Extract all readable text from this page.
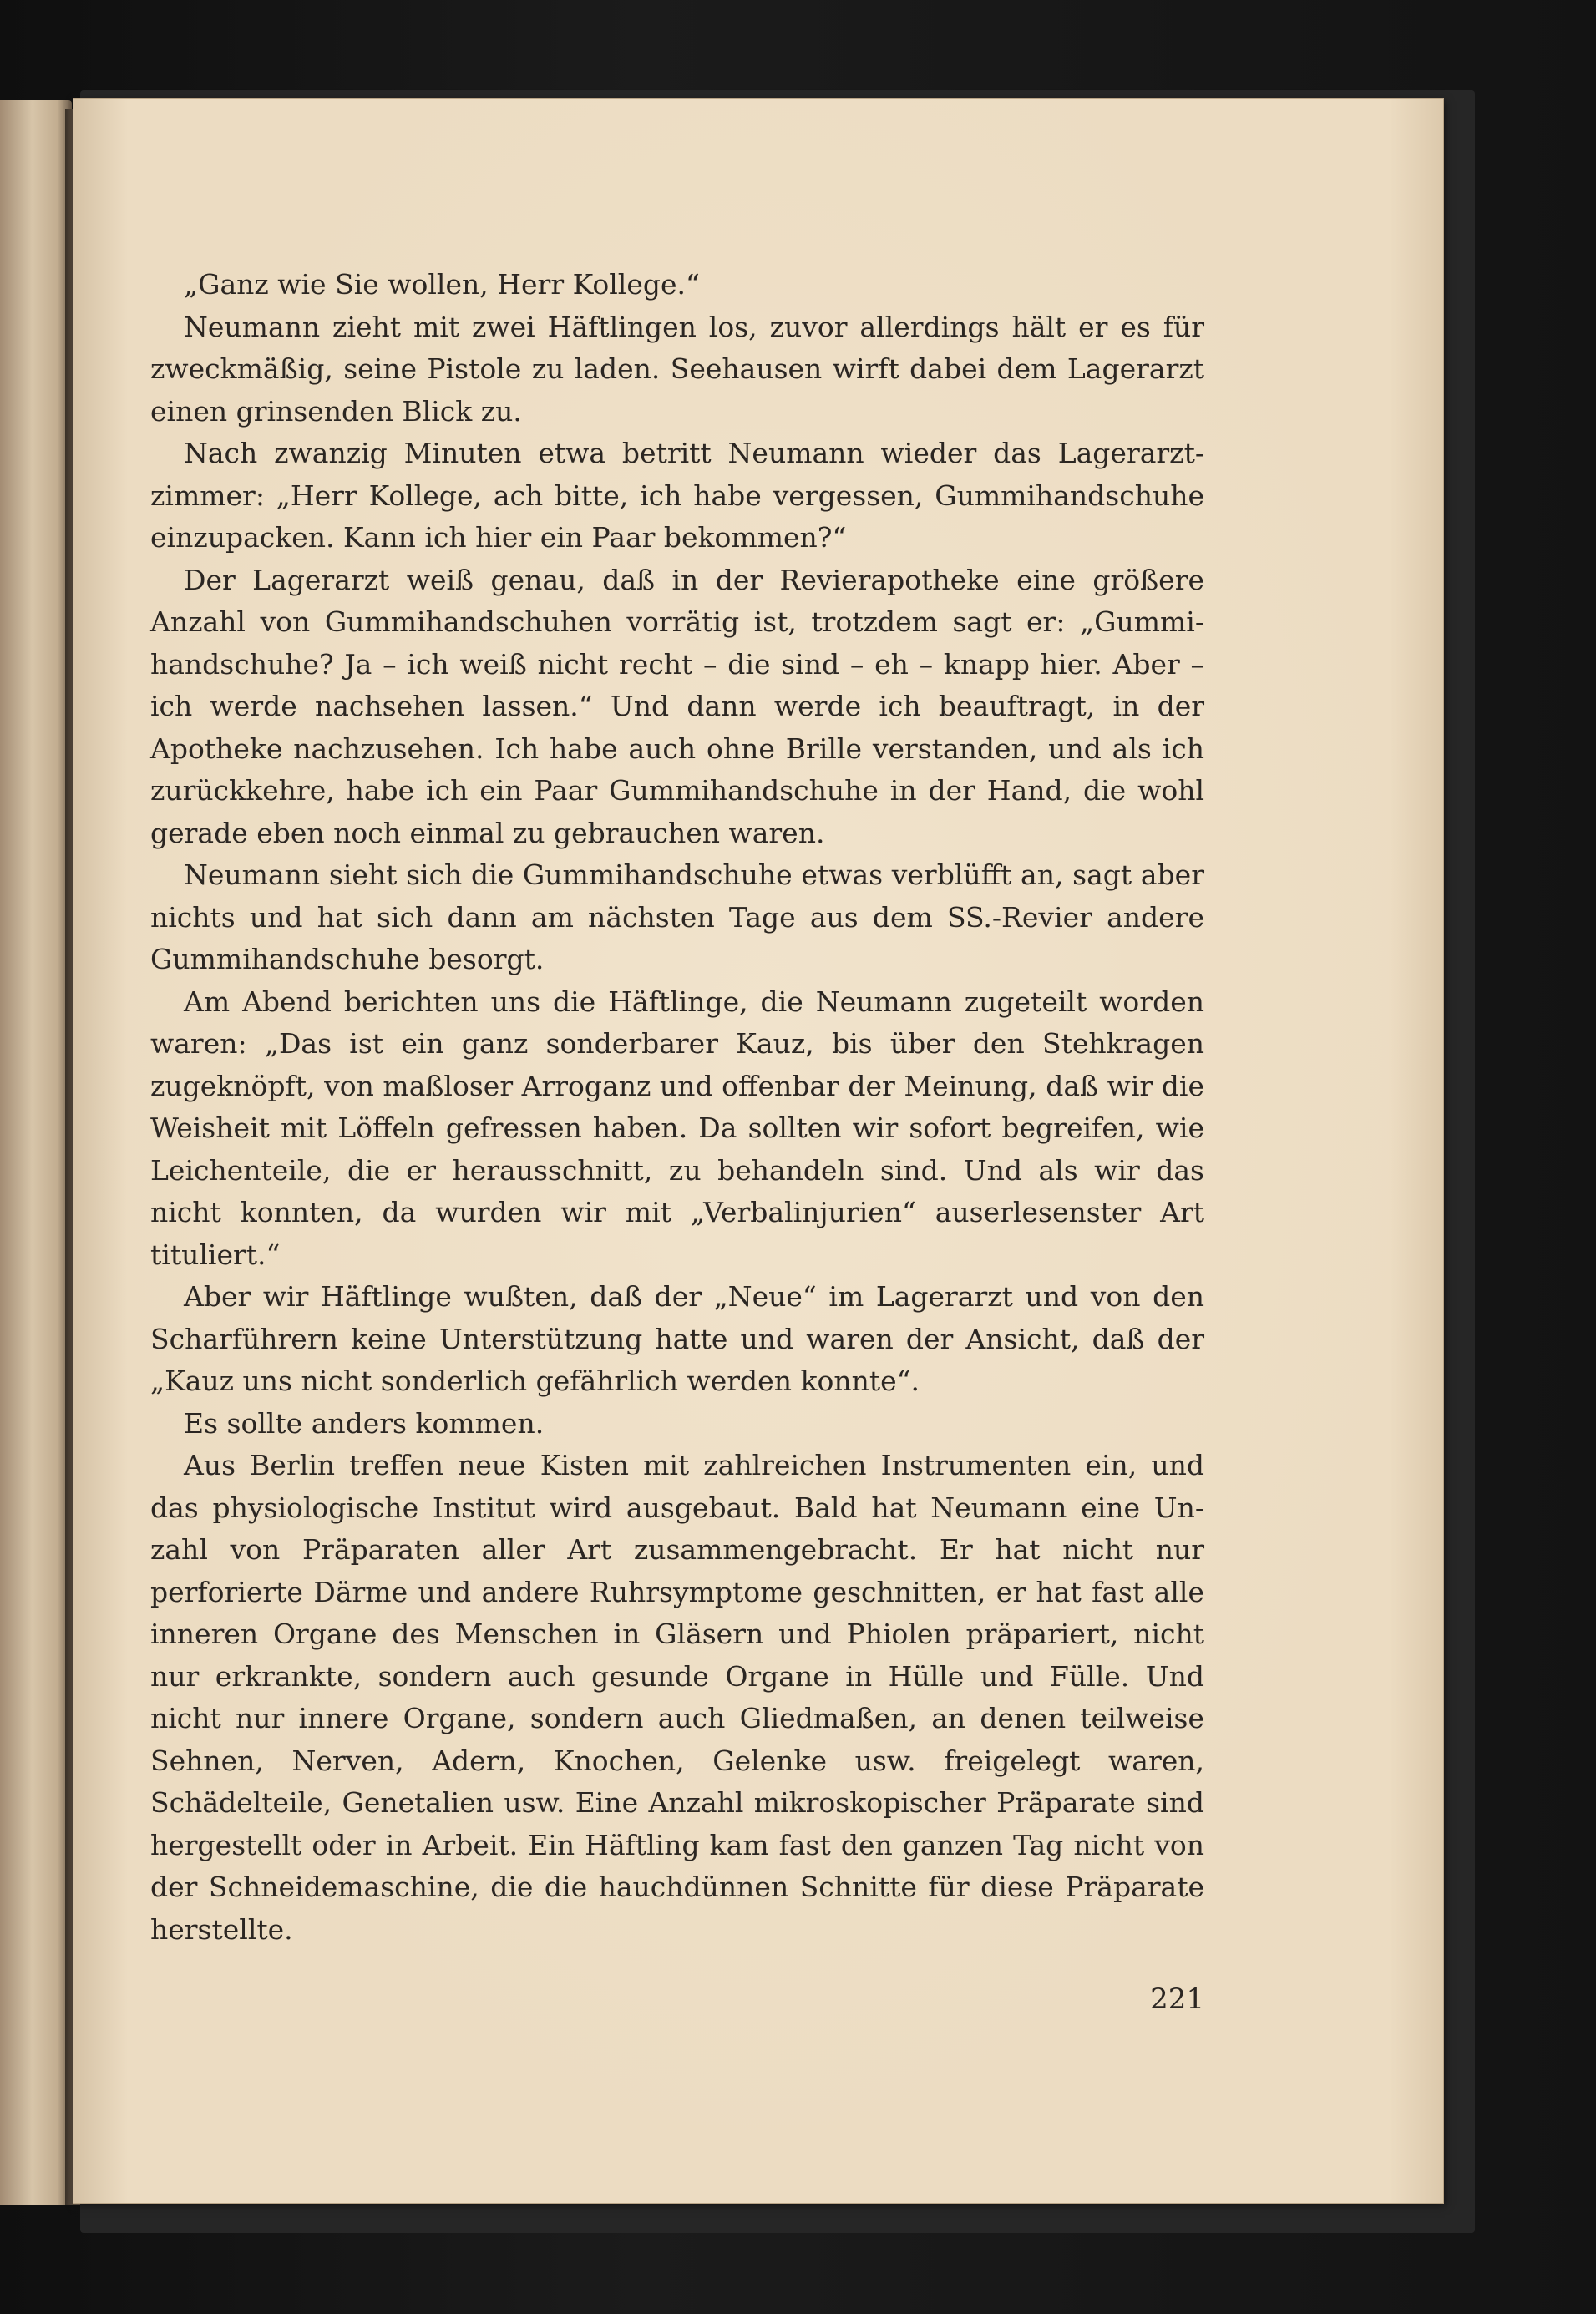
„Ganz wie Sie wollen, Herr Kollege.“

Neumann zieht mit zwei Häftlingen los, zuvor allerdings hält er es für zweckmäßig, seine Pistole zu laden. Seehausen wirft dabei dem Lagerarzt einen grinsenden Blick zu.

Nach zwanzig Minuten etwa betritt Neumann wieder das Lagerarztzimmer: „Herr Kollege, ach bitte, ich habe vergessen, Gummihandschuhe einzupacken. Kann ich hier ein Paar bekommen?“

Der Lagerarzt weiß genau, daß in der Revierapotheke eine größere Anzahl von Gummihandschuhen vorrätig ist, trotzdem sagt er: „Gummihandschuhe? Ja – ich weiß nicht recht – die sind – eh – knapp hier. Aber – ich werde nachsehen lassen.“ Und dann werde ich beauftragt, in der Apotheke nachzusehen. Ich habe auch ohne Brille verstanden, und als ich zurückkehre, habe ich ein Paar Gummihandschuhe in der Hand, die wohl gerade eben noch einmal zu gebrauchen waren.

Neumann sieht sich die Gummihandschuhe etwas verblüfft an, sagt aber nichts und hat sich dann am nächsten Tage aus dem SS.-Revier andere Gummihandschuhe besorgt.

Am Abend berichten uns die Häftlinge, die Neumann zugeteilt worden waren: „Das ist ein ganz sonderbarer Kauz, bis über den Stehkragen zugeknöpft, von maßloser Arroganz und offenbar der Meinung, daß wir die Weisheit mit Löffeln gefressen haben. Da sollten wir sofort begreifen, wie Leichenteile, die er herausschnitt, zu behandeln sind. Und als wir das nicht konnten, da wurden wir mit „Verbalinjurien“ auserlesenster Art tituliert.“

Aber wir Häftlinge wußten, daß der „Neue“ im Lagerarzt und von den Scharführern keine Unterstützung hatte und waren der Ansicht, daß der „Kauz uns nicht sonderlich gefährlich werden konnte“.

Es sollte anders kommen.

Aus Berlin treffen neue Kisten mit zahlreichen Instrumenten ein, und das physiologische Institut wird ausgebaut. Bald hat Neumann eine Unzahl von Präparaten aller Art zusammengebracht. Er hat nicht nur perforierte Därme und andere Ruhrsymptome geschnitten, er hat fast alle inneren Organe des Menschen in Gläsern und Phiolen präpariert, nicht nur erkrankte, sondern auch gesunde Organe in Hülle und Fülle. Und nicht nur innere Organe, sondern auch Gliedmaßen, an denen teilweise Sehnen, Nerven, Adern, Knochen, Gelenke usw. freigelegt waren, Schädelteile, Genetalien usw. Eine Anzahl mikroskopischer Präparate sind hergestellt oder in Arbeit. Ein Häftling kam fast den ganzen Tag nicht von der Schneidemaschine, die die hauchdünnen Schnitte für diese Präparate herstellte.

221
